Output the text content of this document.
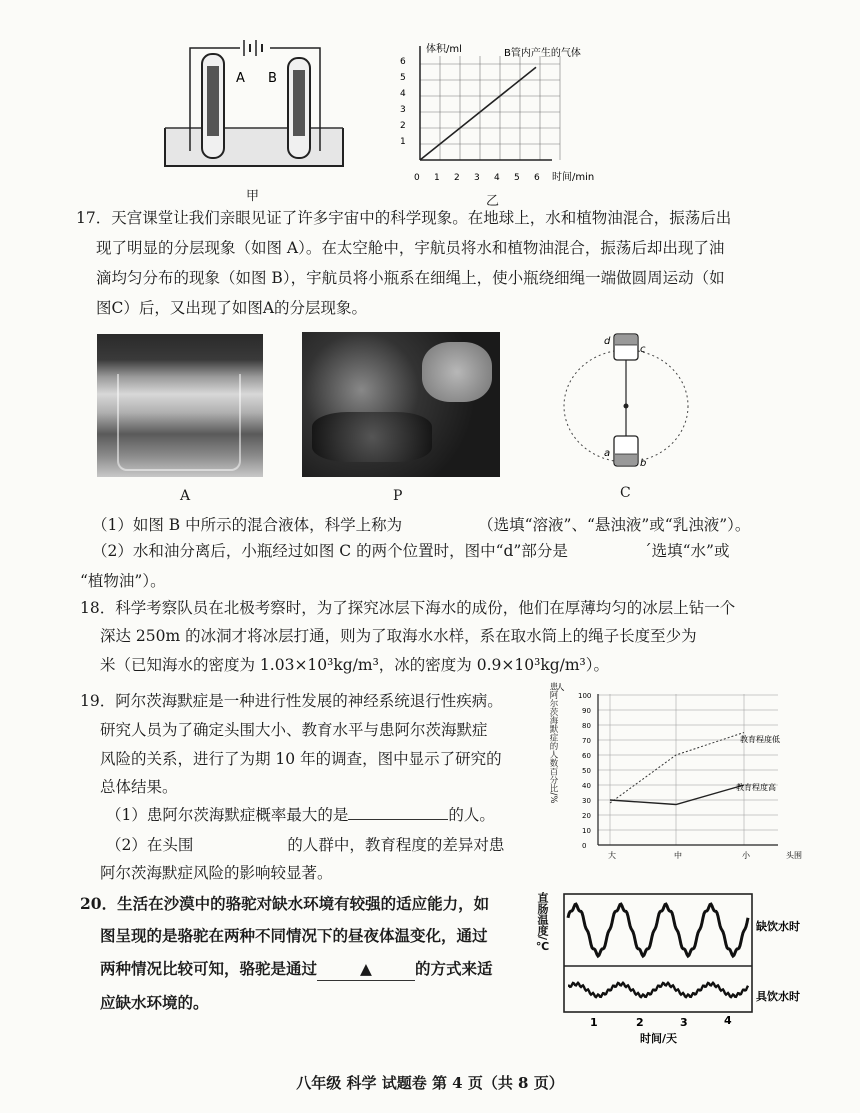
A B
甲
体积/ml	B管内产生的气体
时间/min
1
2
3
4
5
6
0 1 2 3 4 5 6
乙
17．天宫课堂让我们亲眼见证了许多宇宙中的科学现象。在地球上，水和植物油混合，振荡后出
现了明显的分层现象（如图 A）。在太空舱中，宇航员将水和植物油混合，振荡后却出现了油
滴均匀分布的现象（如图 B），宇航员将小瓶系在细绳上，使小瓶绕细绳一端做圆周运动（如
图C）后，又出现了如图A的分层现象。
A	P
d
c
a
b
C
（1）如图 B 中所示的混合液体，科学上称为	（选填“溶液”、“悬浊液”或“乳浊液”）。
（2）水和油分离后，小瓶经过如图 C 的两个位置时，图中“d”部分是	´选填“水”或
“植物油”）。
18．科学考察队员在北极考察时，为了探究冰层下海水的成份，他们在厚薄均匀的冰层上钻一个
深达 250m 的冰洞才将冰层打通，则为了取海水水样，系在取水筒上的绳子长度至少为
米（已知海水的密度为 1.03×10³kg/m³，冰的密度为 0.9×10³kg/m³）。
19．阿尔茨海默症是一种进行性发展的神经系统退行性疾病。
研究人员为了确定头围大小、教育水平与患阿尔茨海默症
风险的关系，进行了为期 10 年的调查，图中显示了研究的
总体结果。
（1）患阿尔茨海默症概率最大的是	的人。
（2）在头围	的人群中，教育程度的差异对患
阿尔茨海默症风险的影响较显著。
人
患阿尔茨海默症的人数百分比/%
0
10
20
30
40
50
60
70
80
90
100
大	中	小	头围
教育程度低
教育程度高
20．生活在沙漠中的骆驼对缺水环境有较强的适应能力，如
图呈现的是骆驼在两种不同情况下的昼夜体温变化，通过
两种情况比较可知，骆驼是通过	▲	的方式来适
应缺水环境的。
直肠温度/℃	缺饮水时
具饮水时
1	2	3	4
时间/天
八年级 科学 试题卷 第 4 页（共 8 页）
